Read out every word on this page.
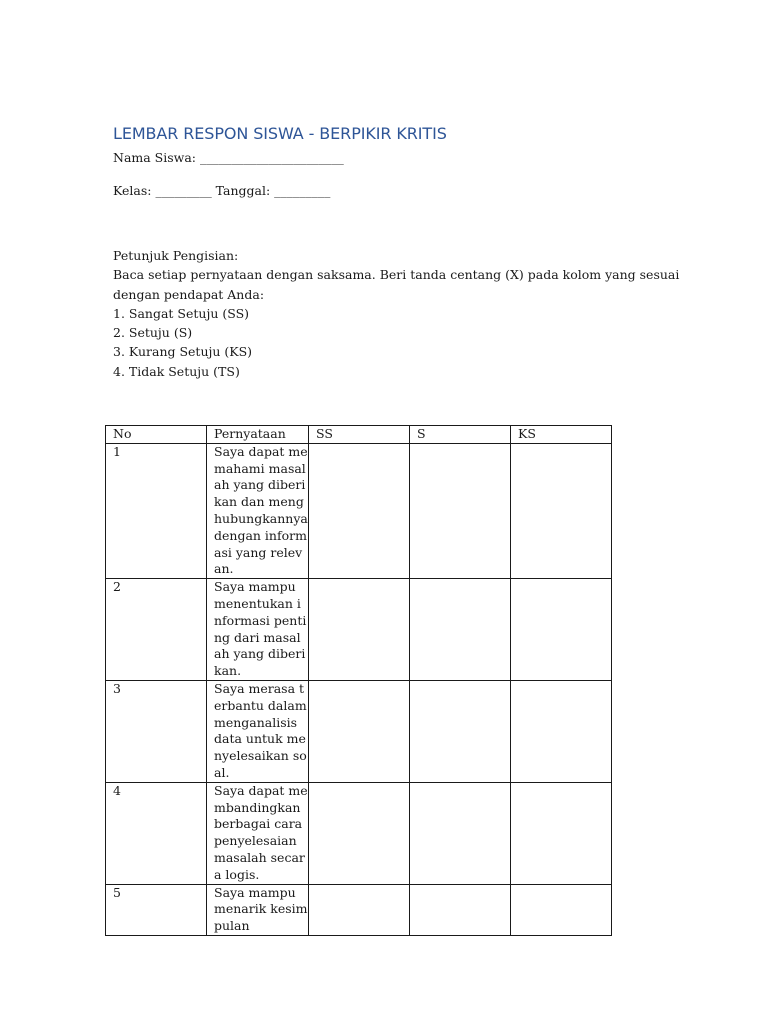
LEMBAR RESPON SISWA - BERPIKIR KRITIS
Nama Siswa: _______________________
Kelas: _________ Tanggal: _________
Petunjuk Pengisian:
Baca setiap pernyataan dengan saksama. Beri tanda centang (X) pada kolom yang sesuai
dengan pendapat Anda:
1. Sangat Setuju (SS)
2. Setuju (S)
3. Kurang Setuju (KS)
4. Tidak Setuju (TS)
No	Pernyataan	SS	S	KS
1	Saya dapat memahami masalah yang diberikan dan menghubungkannya dengan informasi yang relevan.			

2	Saya mampu menentukan informasi penting dari masalah yang diberikan.			

3	Saya merasa terbantu dalam menganalisis data untuk menyelesaikan soal.			

4	Saya dapat membandingkan berbagai cara penyelesaian masalah secara logis.			

5	Saya mampu menarik kesimpulan			
